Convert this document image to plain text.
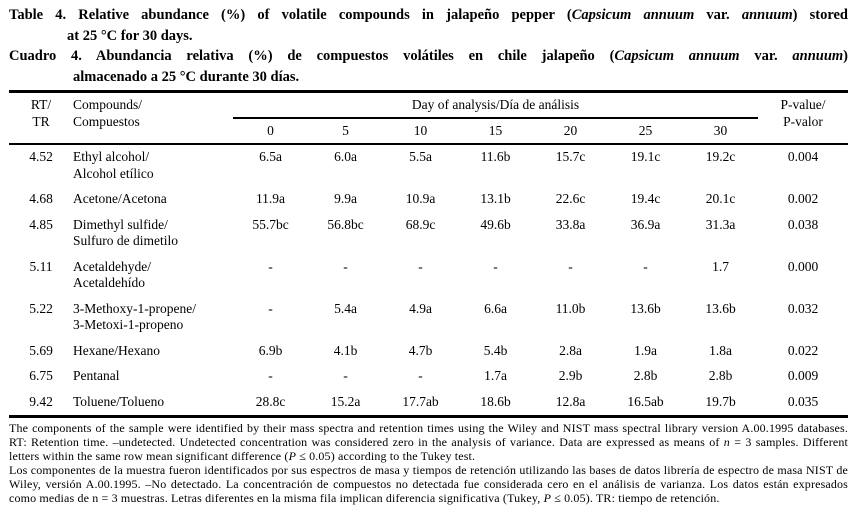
Table 4. Relative abundance (%) of volatile compounds in jalapeño pepper (Capsicum annuum var. annuum) stored
at 25 °C for 30 days.
Cuadro 4. Abundancia relativa (%) de compuestos volátiles en chile jalapeño (Capsicum annuum var. annuum)
almacenado a 25 °C durante 30 días.
RT/
TR	Compounds/
Compuestos	Day of analysis/Día de análisis							P-value/
P-valor

		0	5	10	15	20	25	30	
4.52	Ethyl alcohol/
Alcohol etílico	6.5a	6.0a	5.5a	11.6b	15.7c	19.1c	19.2c	0.004
4.68	Acetone/Acetona	11.9a	9.9a	10.9a	13.1b	22.6c	19.4c	20.1c	0.002
4.85	Dimethyl sulfide/
Sulfuro de dimetilo	55.7bc	56.8bc	68.9c	49.6b	33.8a	36.9a	31.3a	0.038
5.11	Acetaldehyde/
Acetaldehído	-	-	-	-	-	-	1.7	0.000
5.22	3-Methoxy-1-propene/
3-Metoxi-1-propeno	-	5.4a	4.9a	6.6a	11.0b	13.6b	13.6b	0.032
5.69	Hexane/Hexano	6.9b	4.1b	4.7b	5.4b	2.8a	1.9a	1.8a	0.022
6.75	Pentanal	-	-	-	1.7a	2.9b	2.8b	2.8b	0.009
9.42	Toluene/Tolueno	28.8c	15.2a	17.7ab	18.6b	12.8a	16.5ab	19.7b	0.035

The components of the sample were identified by their mass spectra and retention times using the Wiley and NIST mass spectral library version A.00.1995 databases. RT: Retention time. –undetected. Undetected concentration was considered zero in the analysis of variance. Data are expressed as means of n = 3 samples. Different letters within the same row mean significant difference (P ≤ 0.05) according to the Tukey test.

Los componentes de la muestra fueron identificados por sus espectros de masa y tiempos de retención utilizando las bases de datos librería de espectro de masa NIST de Wiley, versión A.00.1995. –No detectado. La concentración de compuestos no detectada fue considerada cero en el análisis de varianza. Los datos están expresados como medias de n = 3 muestras. Letras diferentes en la misma fila implican diferencia significativa (Tukey, P ≤ 0.05). TR: tiempo de retención.
